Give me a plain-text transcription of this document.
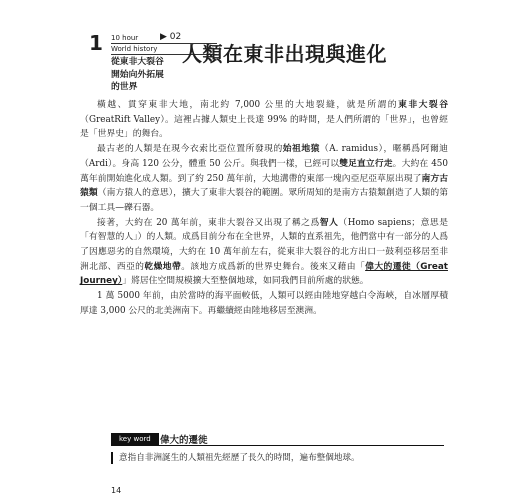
10 hour
World history
1
從東非大裂谷
開始向外拓展
的世界
▶ 02
人類在東非出現與進化

橫越、貫穿東非大地，南北約 7,000 公里的大地裂縫，就是所謂的東非大裂谷（GreatRift Valley）。這裡占據人類史上長達 99% 的時間，是人們所謂的「世界」，也曾經是「世界史」的舞台。

最古老的人類是在現今衣索比亞位置所發現的始祖地猿（A. ramidus），暱稱爲阿爾迪（Ardi）。身高 120 公分，體重 50 公斤。與我們一樣，已經可以雙足直立行走。大約在 450 萬年前開始進化成人類。到了約 250 萬年前，大地溝帶的東部一塊內亞尼亞草原出現了南方古猿類（南方猿人的意思），擴大了東非大裂谷的範圍。眾所周知的是南方古猿類創造了人類的第一個工具—礫石器。

接著，大約在 20 萬年前，東非大裂谷又出現了稱之爲智人（Homo sapiens；意思是「有智慧的人」）的人類。成爲目前分布在全世界，人類的直系祖先，他們當中有一部分的人爲了因應惡劣的自然環境，大約在 10 萬年前左右，從東非大裂谷的北方出口一鼓利亞移居至非洲北部、西亞的乾燥地帶。該地方成爲新的世界史舞台。後來又藉由「偉大的遷徙（Great Journey）」將居住空間規模擴大至整個地球，如同我們目前所處的狀態。

1 萬 5000 年前，由於當時的海平面較低，人類可以經由陸地穿越白令海峽，自冰層厚積厚達 3,000 公尺的北美洲南下。再繼續經由陸地移居至澳洲。

key word 偉大的遷徙
意指自非洲誕生的人類祖先經歷了長久的時間，遍布整個地球。
14
